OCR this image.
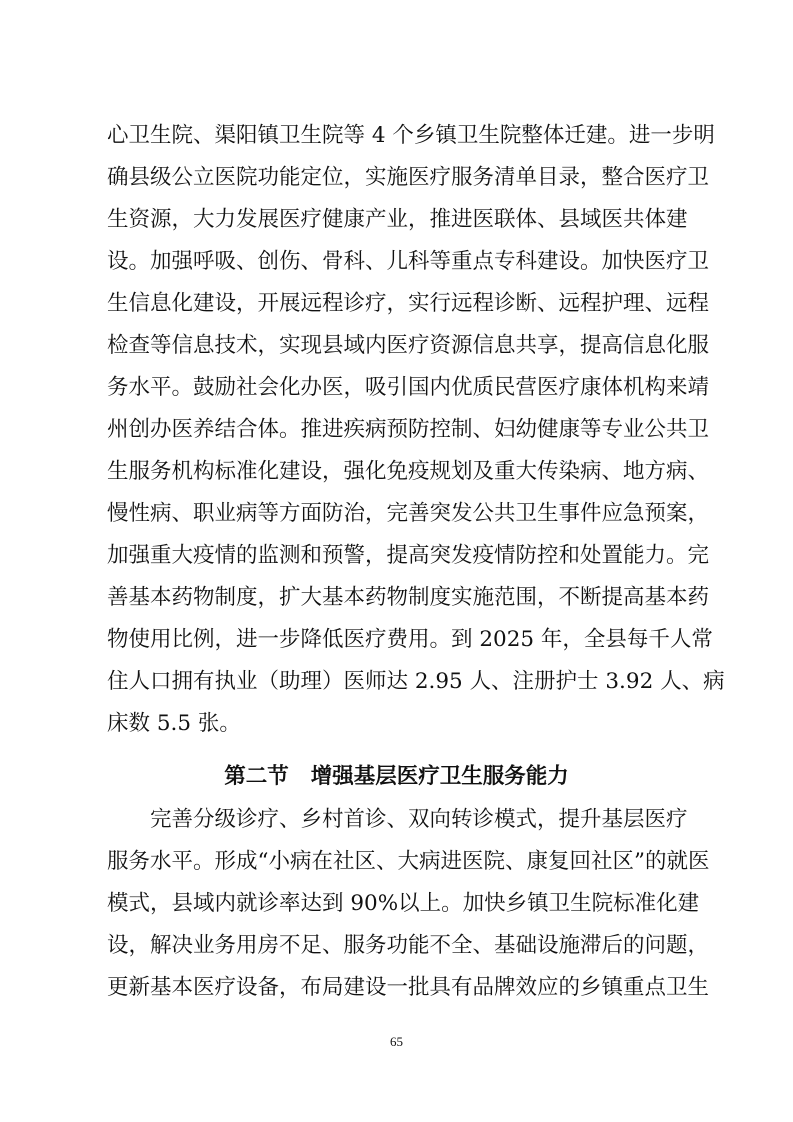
心卫生院、渠阳镇卫生院等 4 个乡镇卫生院整体迁建。进一步明
确县级公立医院功能定位，实施医疗服务清单目录，整合医疗卫
生资源，大力发展医疗健康产业，推进医联体、县域医共体建
设。加强呼吸、创伤、骨科、儿科等重点专科建设。加快医疗卫
生信息化建设，开展远程诊疗，实行远程诊断、远程护理、远程
检查等信息技术，实现县域内医疗资源信息共享，提高信息化服
务水平。鼓励社会化办医，吸引国内优质民营医疗康体机构来靖
州创办医养结合体。推进疾病预防控制、妇幼健康等专业公共卫
生服务机构标准化建设，强化免疫规划及重大传染病、地方病、
慢性病、职业病等方面防治，完善突发公共卫生事件应急预案，
加强重大疫情的监测和预警，提高突发疫情防控和处置能力。完
善基本药物制度，扩大基本药物制度实施范围，不断提高基本药
物使用比例，进一步降低医疗费用。到 2025 年，全县每千人常
住人口拥有执业（助理）医师达 2.95 人、注册护士 3.92 人、病
床数 5.5 张。
第二节 增强基层医疗卫生服务能力
完善分级诊疗、乡村首诊、双向转诊模式，提升基层医疗
服务水平。形成“小病在社区、大病进医院、康复回社区”的就医
模式，县域内就诊率达到 90%以上。加快乡镇卫生院标准化建
设，解决业务用房不足、服务功能不全、基础设施滞后的问题，
更新基本医疗设备，布局建设一批具有品牌效应的乡镇重点卫生
65
